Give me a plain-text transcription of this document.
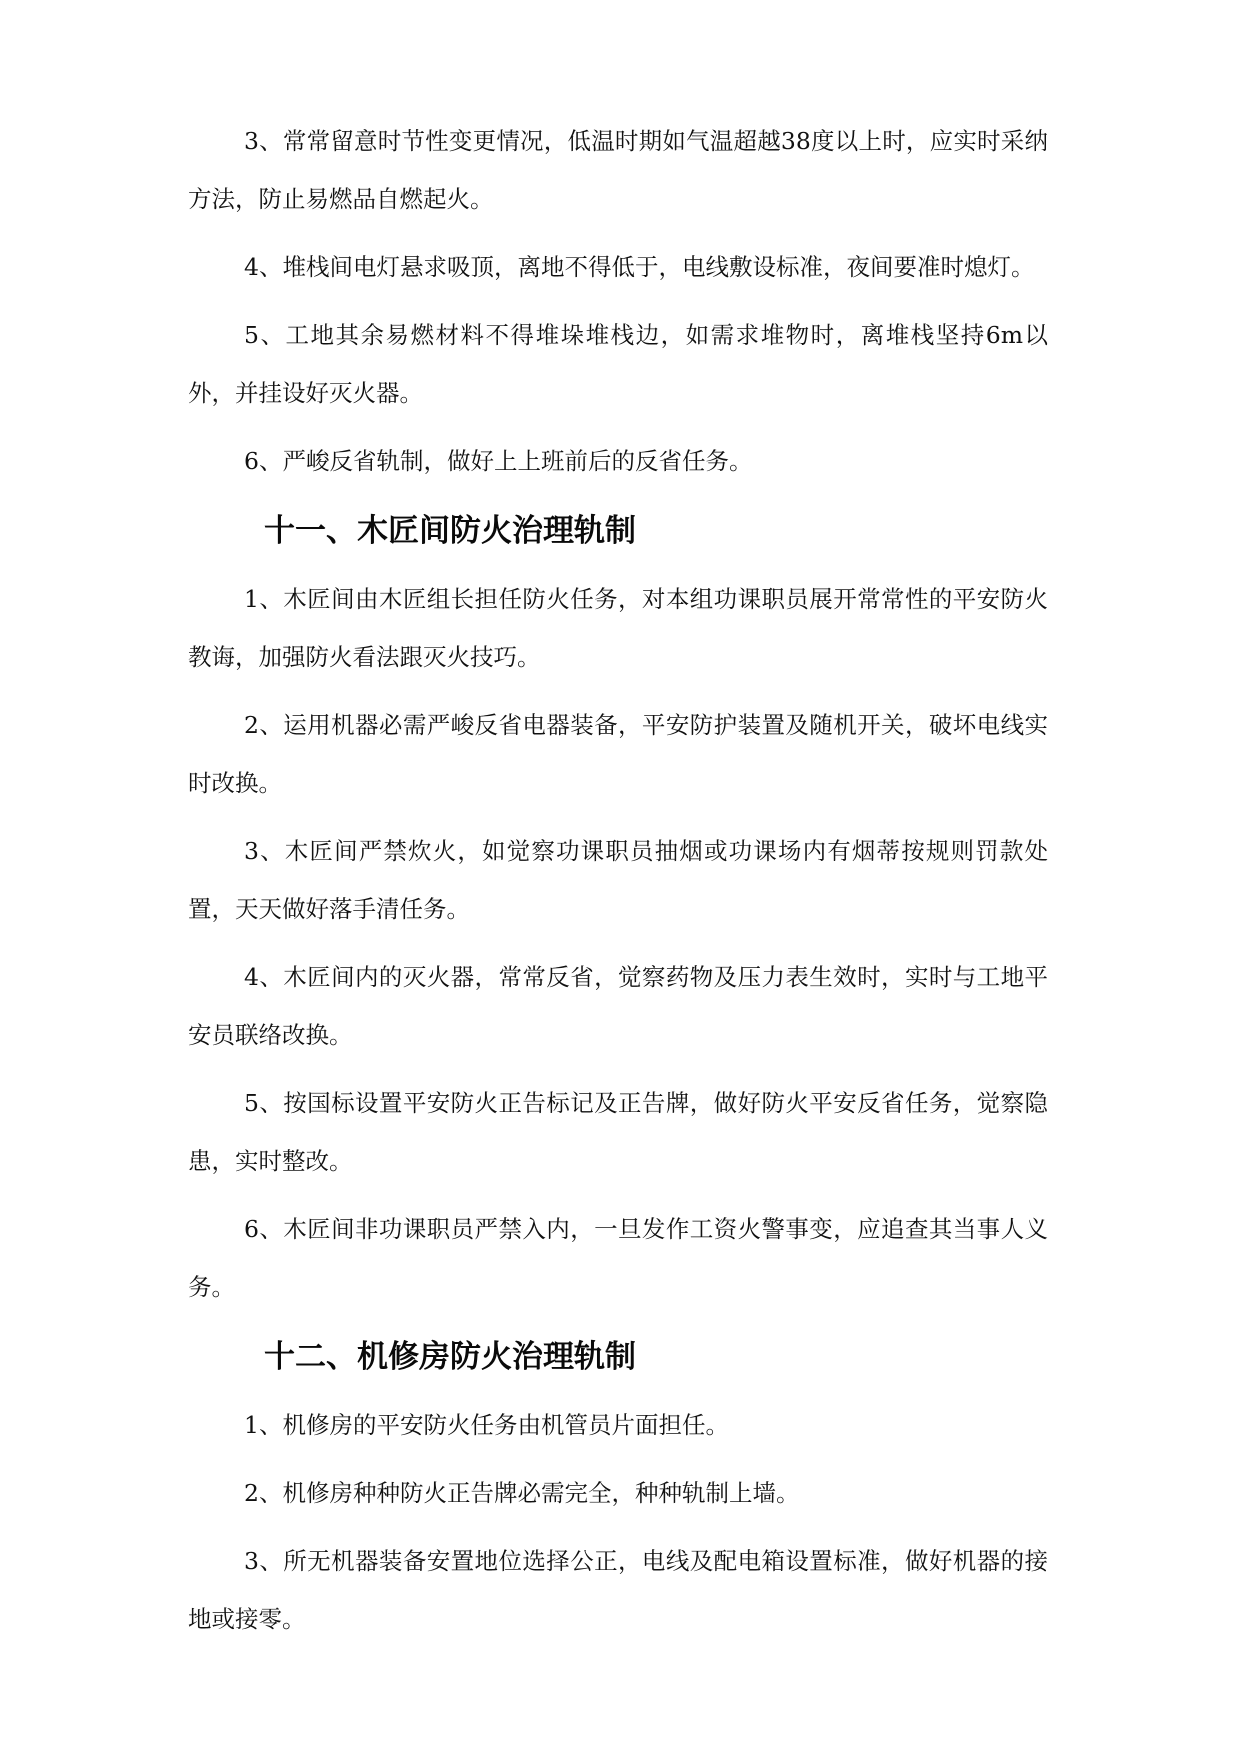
3、常常留意时节性变更情况，低温时期如气温超越38度以上时，应实时采纳方法，防止易燃品自燃起火。

4、堆栈间电灯悬求吸顶，离地不得低于，电线敷设标准，夜间要准时熄灯。

5、工地其余易燃材料不得堆垛堆栈边，如需求堆物时，离堆栈坚持6m以外，并挂设好灭火器。

6、严峻反省轨制，做好上上班前后的反省任务。

十一、木匠间防火治理轨制

1、木匠间由木匠组长担任防火任务，对本组功课职员展开常常性的平安防火教诲，加强防火看法跟灭火技巧。

2、运用机器必需严峻反省电器装备，平安防护装置及随机开关，破坏电线实时改换。

3、木匠间严禁炊火，如觉察功课职员抽烟或功课场内有烟蒂按规则罚款处置，天天做好落手清任务。

4、木匠间内的灭火器，常常反省，觉察药物及压力表生效时，实时与工地平安员联络改换。

5、按国标设置平安防火正告标记及正告牌，做好防火平安反省任务，觉察隐患，实时整改。

6、木匠间非功课职员严禁入内，一旦发作工资火警事变，应追查其当事人义务。

十二、机修房防火治理轨制

1、机修房的平安防火任务由机管员片面担任。

2、机修房种种防火正告牌必需完全，种种轨制上墙。

3、所无机器装备安置地位选择公正，电线及配电箱设置标准，做好机器的接地或接零。
